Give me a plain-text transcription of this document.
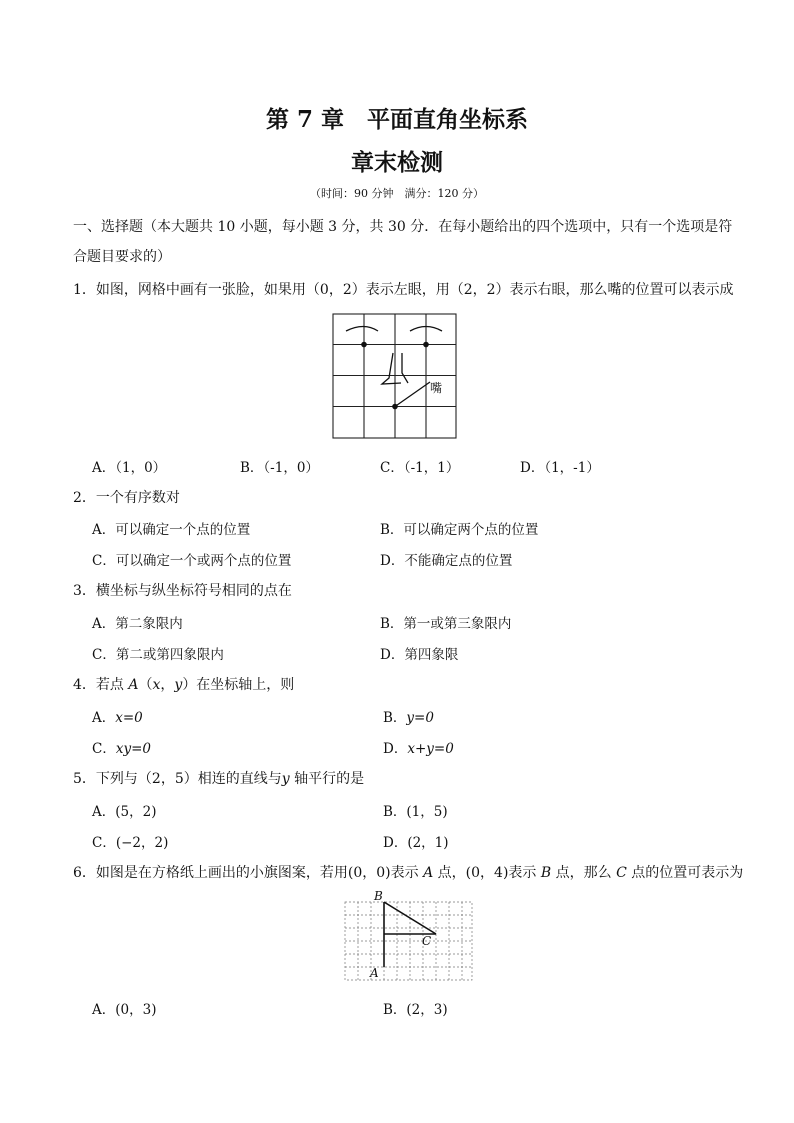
第 7 章　平面直角坐标系
章末检测
（时间：90 分钟　满分：120 分）
一、选择题（本大题共 10 小题，每小题 3 分，共 30 分．在每小题给出的四个选项中，只有一个选项是符
合题目要求的）
1．如图，网格中画有一张脸，如果用（0，2）表示左眼，用（2，2）表示右眼，那么嘴的位置可以表示成
嘴
A．（1，0）	B．（-1，0）	C．（-1，1）	D．（1，-1）
2．一个有序数对
A．可以确定一个点的位置	B．可以确定两个点的位置
C．可以确定一个或两个点的位置	D．不能确定点的位置
3．横坐标与纵坐标符号相同的点在
A．第二象限内	B．第一或第三象限内
C．第二或第四象限内	D．第四象限
4．若点 A（x，y）在坐标轴上，则
A．x=0	B．y=0
C．xy=0	D．x+y=0
5．下列与（2，5）相连的直线与y 轴平行的是
A．(5，2)	B．(1，5)
C．(−2，2)	D．(2，1)
6．如图是在方格纸上画出的小旗图案，若用(0，0)表示 A 点，(0，4)表示 B 点，那么 C 点的位置可表示为
B
C
A
A．(0，3)	B．(2，3)
